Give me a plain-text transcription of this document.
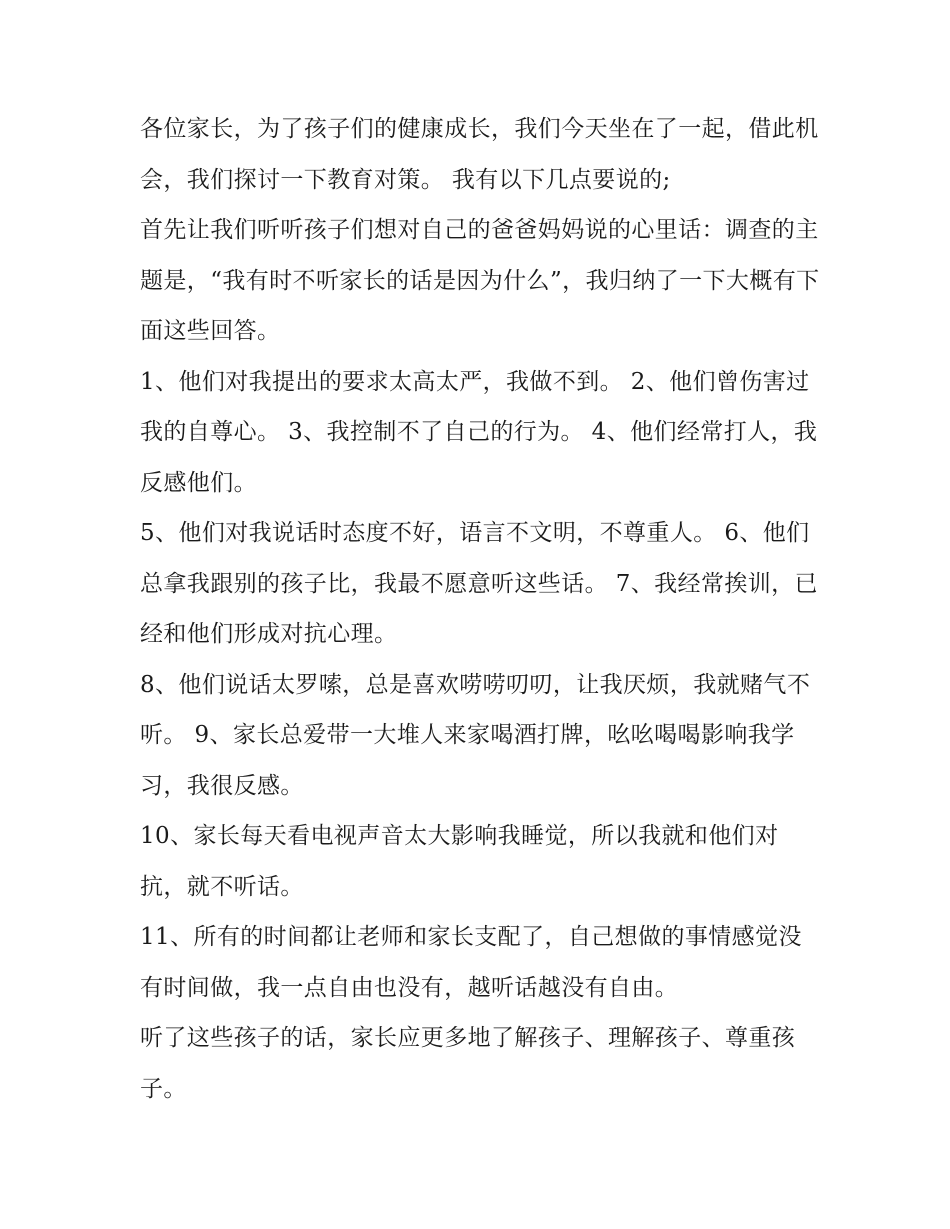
各位家长，为了孩子们的健康成长，我们今天坐在了一起，借此机会，我们探讨一下教育对策。 我有以下几点要说的;

首先让我们听听孩子们想对自己的爸爸妈妈说的心里话：调查的主题是，“我有时不听家长的话是因为什么”，我归纳了一下大概有下面这些回答。

1、他们对我提出的要求太高太严，我做不到。 2、他们曾伤害过我的自尊心。 3、我控制不了自己的行为。 4、他们经常打人，我反感他们。

5、他们对我说话时态度不好，语言不文明，不尊重人。 6、他们总拿我跟别的孩子比，我最不愿意听这些话。 7、我经常挨训，已经和他们形成对抗心理。

8、他们说话太罗嗦，总是喜欢唠唠叨叨，让我厌烦，我就赌气不听。 9、家长总爱带一大堆人来家喝酒打牌，吆吆喝喝影响我学习，我很反感。

10、家长每天看电视声音太大影响我睡觉，所以我就和他们对抗，就不听话。

11、所有的时间都让老师和家长支配了，自己想做的事情感觉没有时间做，我一点自由也没有，越听话越没有自由。

听了这些孩子的话，家长应更多地了解孩子、理解孩子、尊重孩子。
